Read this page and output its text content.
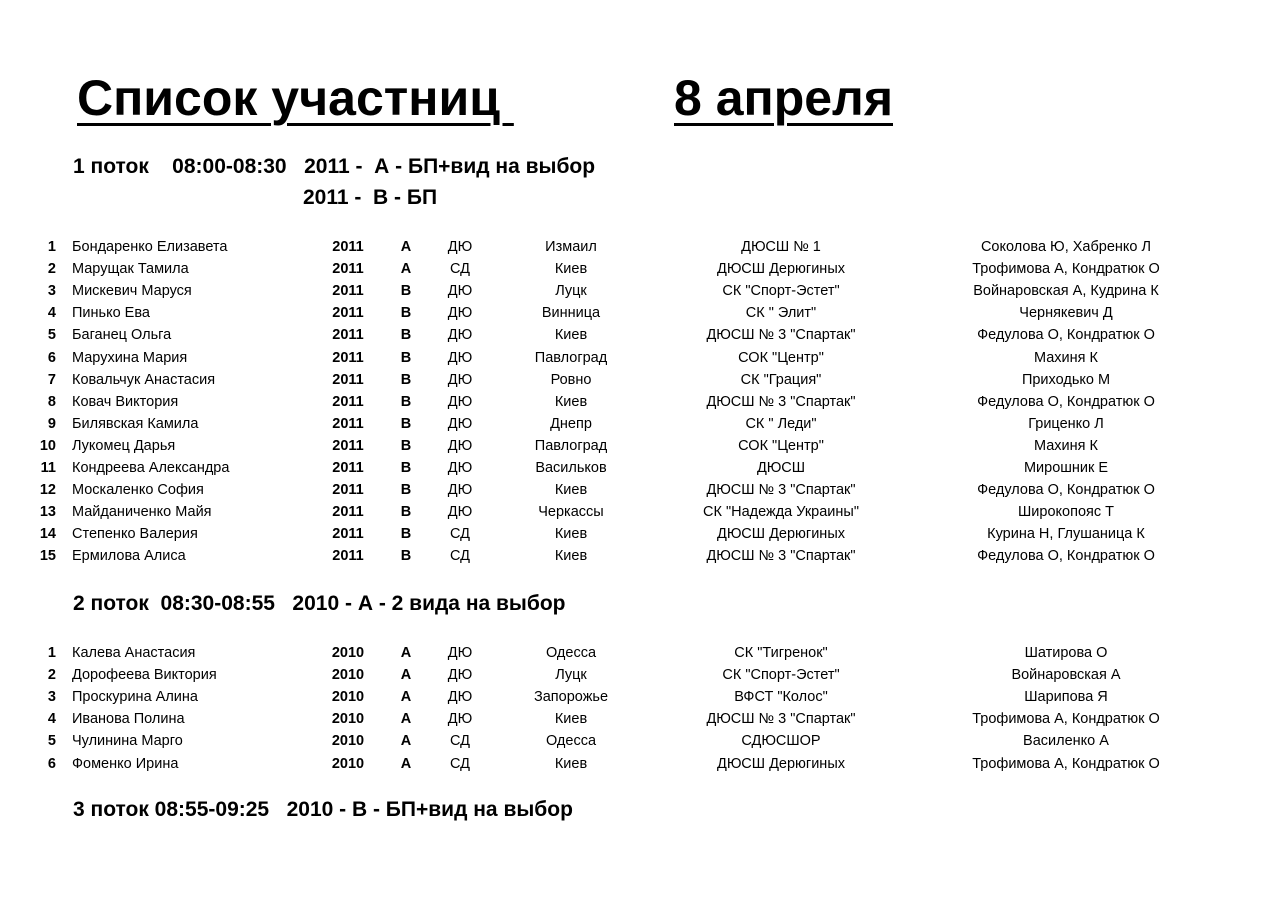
Список участниц	8 апреля
1 поток    08:00-08:30   2011 -  А - БП+вид на выбор
2011 -  В - БП
1	Бондаренко Елизавета	2011	А	ДЮ	Измаил	ДЮСШ № 1	Соколова Ю, Хабренко Л	
2	Марущак Тамила	2011	А	СД	Киев	ДЮСШ Дерюгиных	Трофимова А, Кондратюк О	
3	Мискевич Маруся	2011	В	ДЮ	Луцк	СК "Спорт-Эстет"	Войнаровская А, Кудрина К	
4	Пинько Ева	2011	В	ДЮ	Винница	СК " Элит"	Чернякевич Д	
5	Баганец Ольга	2011	В	ДЮ	Киев	ДЮСШ № 3 "Спартак"	Федулова О, Кондратюк О	
6	Марухина Мария	2011	В	ДЮ	Павлоград	СОК "Центр"	Махиня К	
7	Ковальчук Анастасия	2011	В	ДЮ	Ровно	СК "Грация"	Приходько М	
8	Ковач Виктория	2011	В	ДЮ	Киев	ДЮСШ № 3 "Спартак"	Федулова О, Кондратюк О	
9	Билявская Камила	2011	В	ДЮ	Днепр	СК " Леди"	Гриценко Л	
10	Лукомец Дарья	2011	В	ДЮ	Павлоград	СОК "Центр"	Махиня К	
11	Кондреева Александра	2011	В	ДЮ	Васильков	ДЮСШ	Мирошник Е	
12	Москаленко София	2011	В	ДЮ	Киев	ДЮСШ № 3 "Спартак"	Федулова О, Кондратюк О	
13	Майданиченко Майя	2011	В	ДЮ	Черкассы	СК "Надежда Украины"	Широкопояс Т	
14	Степенко Валерия	2011	В	СД	Киев	ДЮСШ Дерюгиных	Курина Н, Глушаница К	
15	Ермилова Алиса	2011	В	СД	Киев	ДЮСШ № 3 "Спартак"	Федулова О, Кондратюк О	
2 поток  08:30-08:55   2010 - А - 2 вида на выбор
1	Калева Анастасия	2010	А	ДЮ	Одесса	СК "Тигренок"	Шатирова О	
2	Дорофеева Виктория	2010	А	ДЮ	Луцк	СК "Спорт-Эстет"	Войнаровская А	
3	Проскурина Алина	2010	А	ДЮ	Запорожье	ВФСТ "Колос"	Шарипова Я	
4	Иванова Полина	2010	А	ДЮ	Киев	ДЮСШ № 3 "Спартак"	Трофимова А, Кондратюк О	
5	Чулинина Марго	2010	А	СД	Одесса	СДЮСШОР	Василенко А	
6	Фоменко Ирина	2010	А	СД	Киев	ДЮСШ Дерюгиных	Трофимова А, Кондратюк О	
3 поток 08:55-09:25   2010 - В - БП+вид на выбор
